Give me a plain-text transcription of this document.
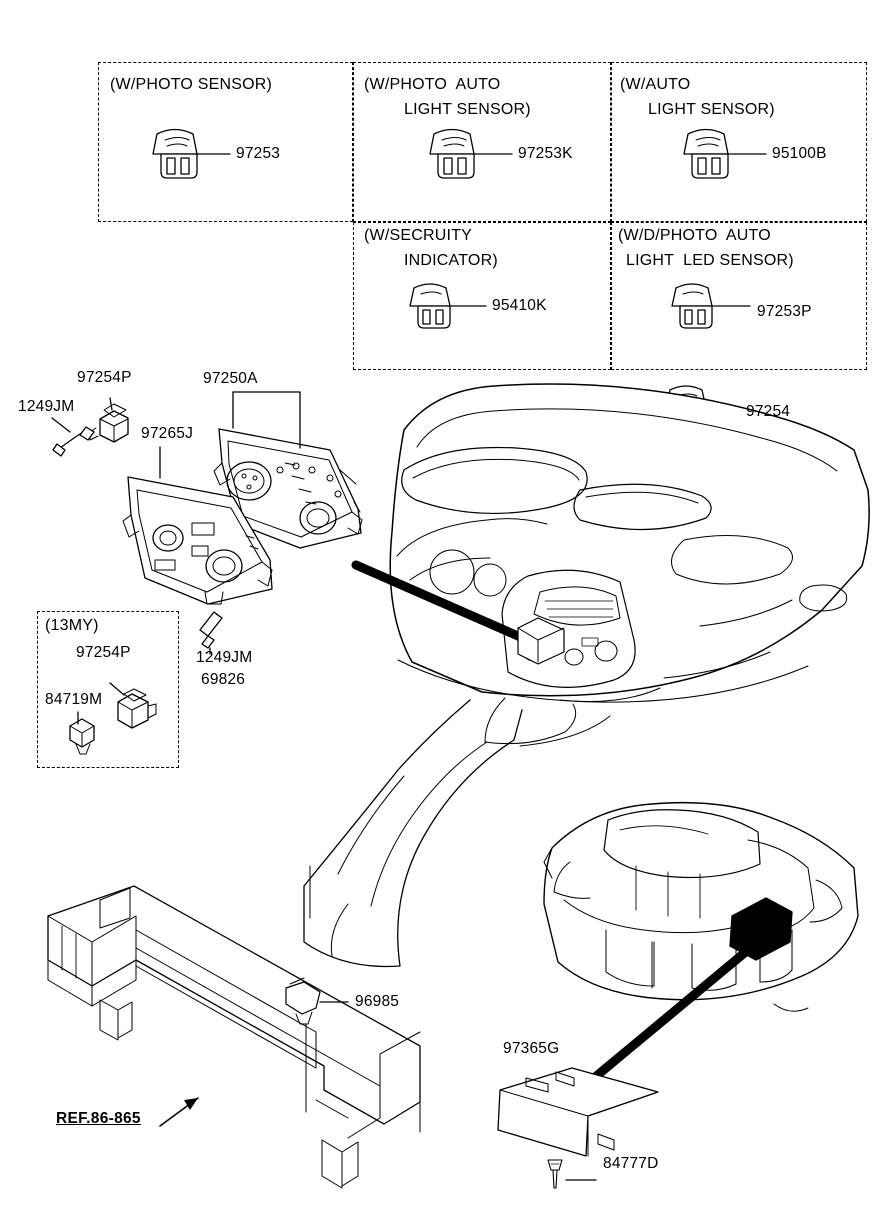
(W/PHOTO SENSOR)
97253
(W/PHOTO  AUTO
LIGHT SENSOR)
97253K
(W/AUTO
LIGHT SENSOR)
95100B
(W/SECRUITY
INDICATOR)
95410K
(W/D/PHOTO  AUTO
LIGHT  LED SENSOR)
97253P
97254
97254P	97250A
1249JM
97265J
1249JM
69826
(13MY)
97254P
84719M
96985
97365G
84777D
REF.86-865
